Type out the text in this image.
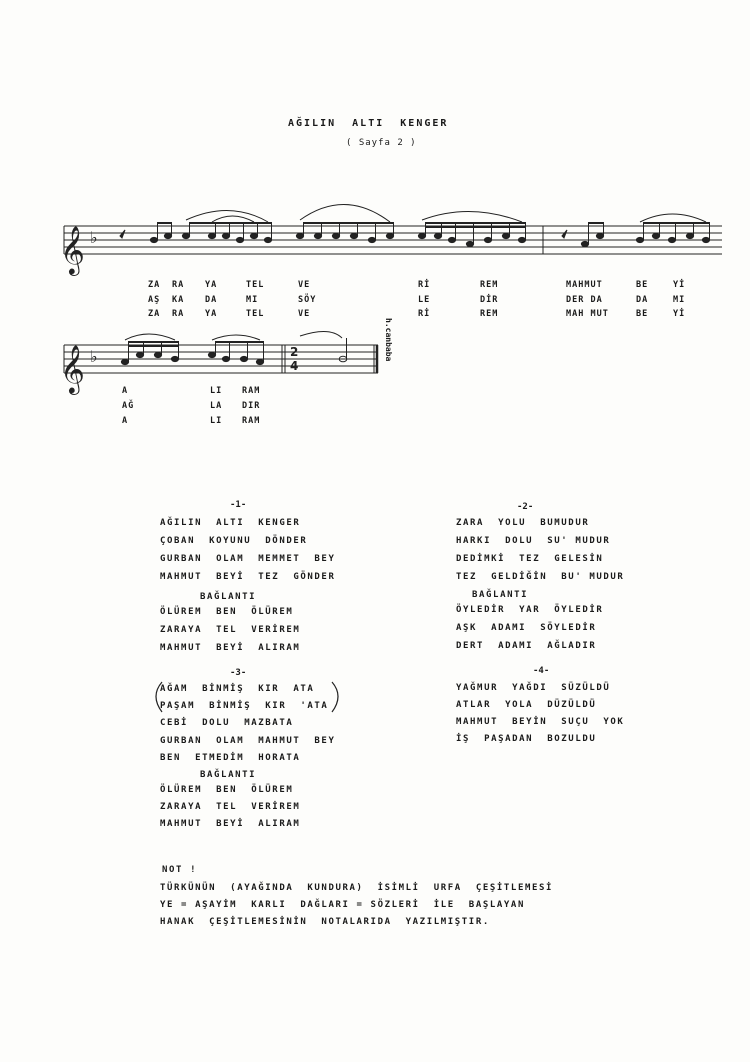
AĞILIN  ALTI  KENGER
( Sayfa 2 )
𝄞 ♭
𝄞 ♭	2
4
h.canbaba
ZA RA YA	TEL	VE	Rİ	REM	MAHMUT	BE	Yİ
AŞ KA DA	MI	SÖY	LE	DİR	DER DA	DA	MI
ZA RA YA	TEL	VE	Rİ	REM	MAH MUT	BE	Yİ
A	LI RAM
AĞ	LA DIR
A	LI RAM
-1-
AĞILIN  ALTI  KENGER
ÇOBAN  KOYUNU  DÖNDER
GURBAN  OLAM  MEMMET  BEY
MAHMUT  BEYİ  TEZ  GÖNDER
BAĞLANTI
ÖLÜREM  BEN  ÖLÜREM
ZARAYA  TEL  VERİREM
MAHMUT  BEYİ  ALIRAM
-2-
ZARA  YOLU  BUMUDUR
HARKI  DOLU  SU' MUDUR
DEDİMKİ  TEZ  GELESİN
TEZ  GELDİĞİN  BU' MUDUR
BAĞLANTI
ÖYLEDİR  YAR  ÖYLEDİR
AŞK  ADAMI  SÖYLEDİR
DERT  ADAMI  AĞLADIR
-3-
AĞAM  BİNMİŞ  KIR  ATA
PAŞAM  BİNMİŞ  KIR  'ATA
CEBİ  DOLU  MAZBATA
GURBAN  OLAM  MAHMUT  BEY
BEN  ETMEDİM  HORATA
BAĞLANTI
ÖLÜREM  BEN  ÖLÜREM
ZARAYA  TEL  VERİREM
MAHMUT  BEYİ  ALIRAM
-4-
YAĞMUR  YAĞDI  SÜZÜLDÜ
ATLAR  YOLA  DÜZÜLDÜ
MAHMUT  BEYİN  SUÇU  YOK
İŞ  PAŞADAN  BOZULDU
NOT !
TÜRKÜNÜN  (AYAĞINDA  KUNDURA)  İSİMLİ  URFA  ÇEŞİTLEMESİ
YE = AŞAYİM  KARLI  DAĞLARI = SÖZLERİ  İLE  BAŞLAYAN
HANAK  ÇEŞİTLEMESİNİN  NOTALARIDA  YAZILMIŞTIR.
